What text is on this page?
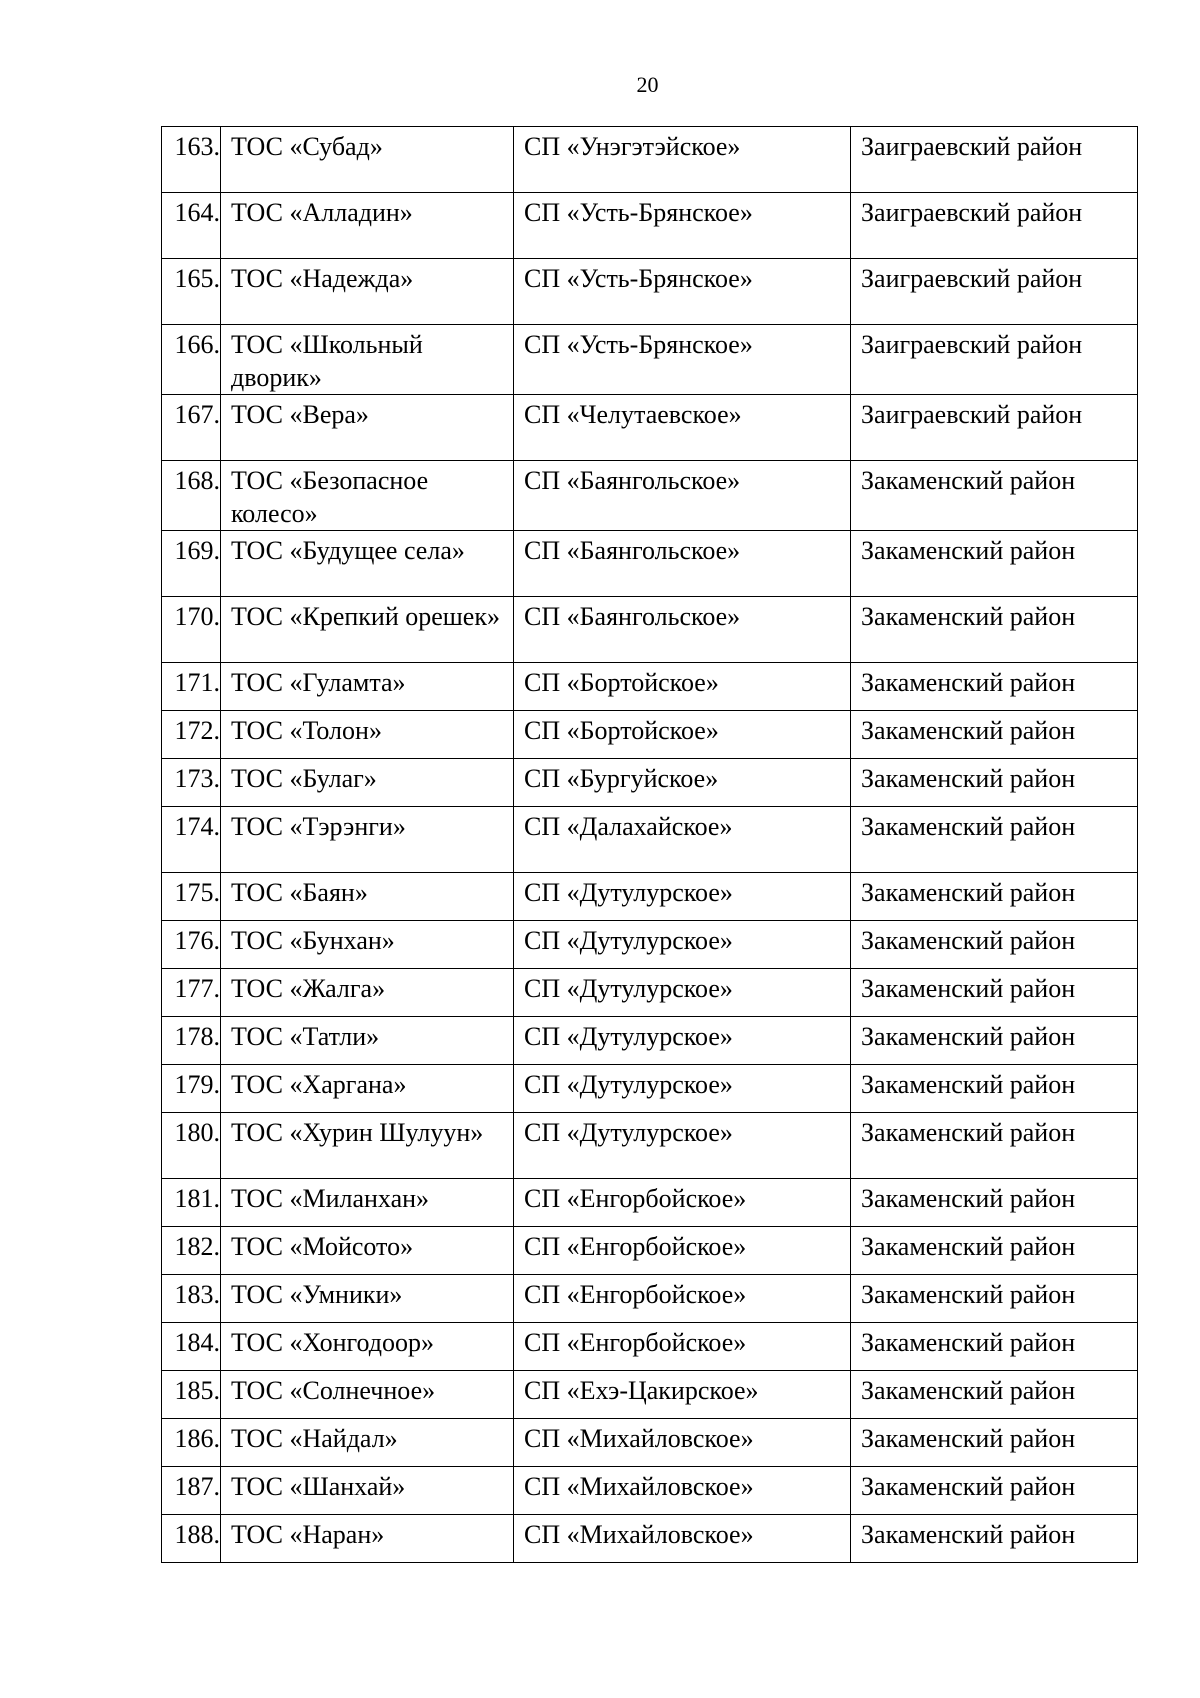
20
163.	ТОС «Субад»	СП «Унэгэтэйское»	Заиграевский район
164.	ТОС «Алладин»	СП «Усть-Брянское»	Заиграевский район
165.	ТОС «Надежда»	СП «Усть-Брянское»	Заиграевский район
166.	ТОС «Школьный дворик»	СП «Усть-Брянское»	Заиграевский район
167.	ТОС «Вера»	СП «Челутаевское»	Заиграевский район
168.	ТОС «Безопасное колесо»	СП «Баянгольское»	Закаменский район
169.	ТОС «Будущее села»	СП «Баянгольское»	Закаменский район
170.	ТОС «Крепкий орешек»	СП «Баянгольское»	Закаменский район
171.	ТОС «Гуламта»	СП «Бортойское»	Закаменский район
172.	ТОС «Толон»	СП «Бортойское»	Закаменский район
173.	ТОС «Булаг»	СП «Бургуйское»	Закаменский район
174.	ТОС «Тэрэнги»	СП «Далахайское»	Закаменский район
175.	ТОС «Баян»	СП «Дутулурское»	Закаменский район
176.	ТОС «Бунхан»	СП «Дутулурское»	Закаменский район
177.	ТОС «Жалга»	СП «Дутулурское»	Закаменский район
178.	ТОС «Татли»	СП «Дутулурское»	Закаменский район
179.	ТОС «Харгана»	СП «Дутулурское»	Закаменский район
180.	ТОС «Хурин Шулуун»	СП «Дутулурское»	Закаменский район
181.	ТОС «Миланхан»	СП «Енгорбойское»	Закаменский район
182.	ТОС «Мойсото»	СП «Енгорбойское»	Закаменский район
183.	ТОС «Умники»	СП «Енгорбойское»	Закаменский район
184.	ТОС «Хонгодоор»	СП «Енгорбойское»	Закаменский район
185.	ТОС «Солнечное»	СП «Ехэ-Цакирское»	Закаменский район
186.	ТОС «Найдал»	СП «Михайловское»	Закаменский район
187.	ТОС «Шанхай»	СП «Михайловское»	Закаменский район
188.	ТОС «Наран»	СП «Михайловское»	Закаменский район
